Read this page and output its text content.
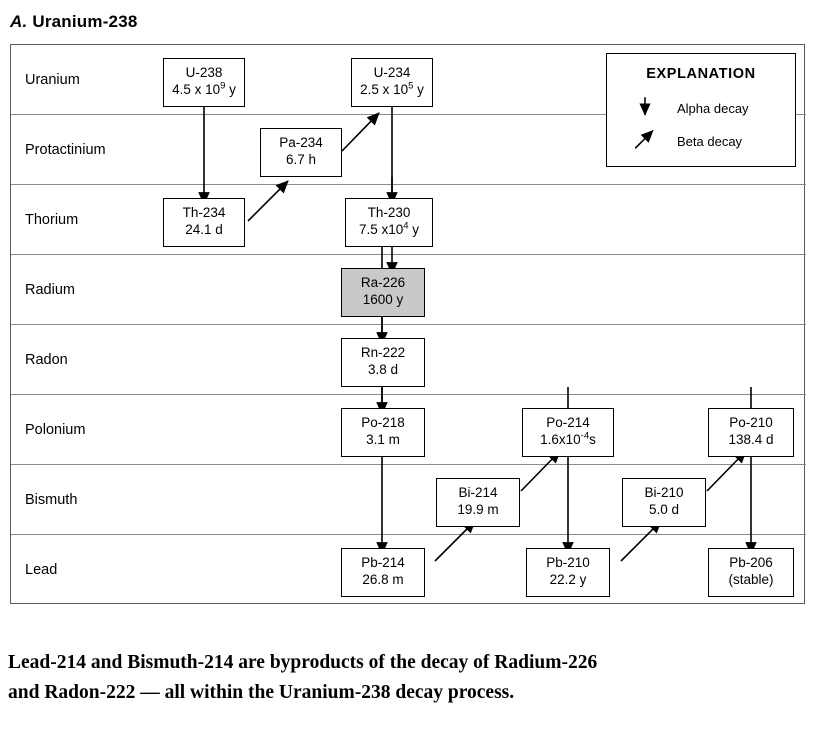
A. Uranium-238
Uranium
Protactinium
Thorium
Radium
Radon
Polonium
Bismuth
Lead
U-238
4.5 x $10^9$ y
U-234
2.5 x $10^5$ y
Pa-234
6.7 h
Th-234
24.1 d
Th-230
7.5 $x10^4$ y
Ra-226
1600 y
Rn-222
3.8 d
Po-218
3.1 m
Po-214
$1.6x10^{-4}s$
Po-210
138.4 d
Bi-214
19.9 m
Bi-210
5.0 d
Pb-214
26.8 m
Pb-210
22.2 y
Pb-206
(stable)
EXPLANATION
Alpha decay
Beta decay
Lead-214 and Bismuth-214 are byproducts of the decay of Radium-226
and Radon-222 — all within the Uranium-238 decay process.
